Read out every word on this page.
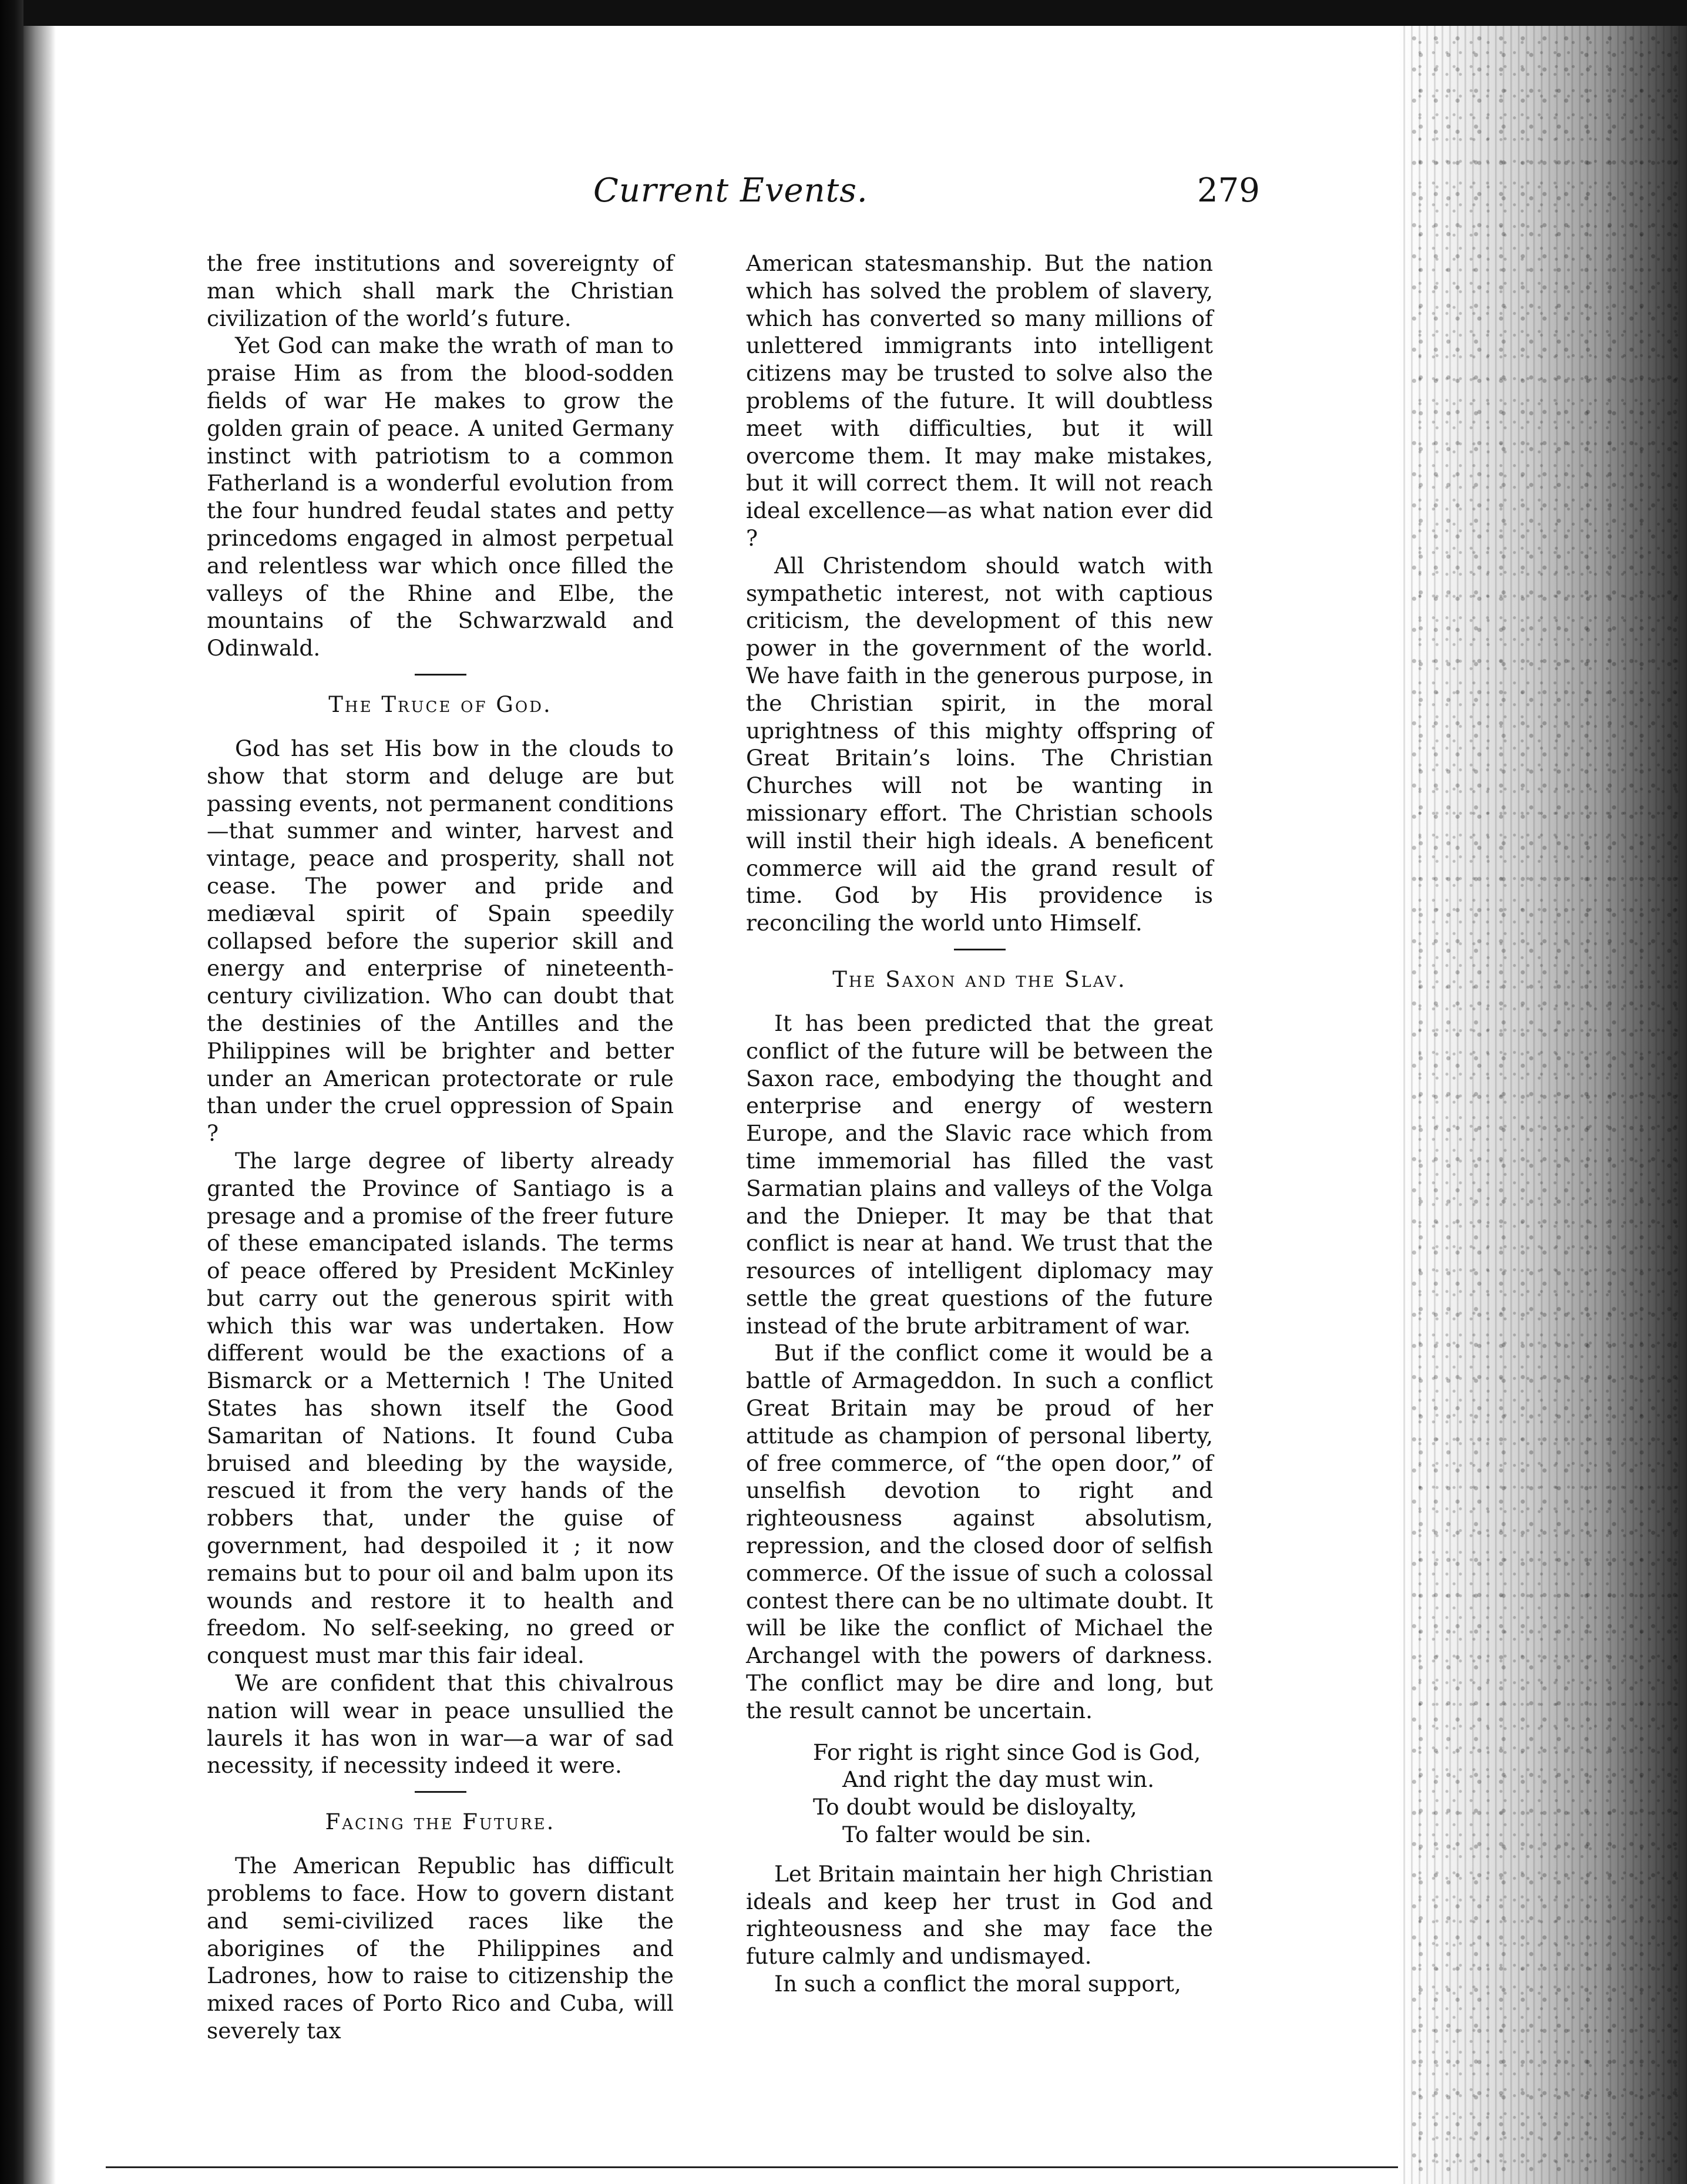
Current Events.	279

the free institutions and sovereignty of man which shall mark the Christian civilization of the world’s future.

Yet God can make the wrath of man to praise Him as from the blood-sodden fields of war He makes to grow the golden grain of peace. A united Germany instinct with patriotism to a common Fatherland is a wonderful evolution from the four hundred feudal states and petty princedoms engaged in almost perpetual and relentless war which once filled the valleys of the Rhine and Elbe, the mountains of the Schwarzwald and Odinwald.

The Truce of God.

God has set His bow in the clouds to show that storm and deluge are but passing events, not permanent conditions—that summer and winter, harvest and vintage, peace and prosperity, shall not cease. The power and pride and mediæval spirit of Spain speedily collapsed before the superior skill and energy and enterprise of nineteenth-century civilization. Who can doubt that the destinies of the Antilles and the Philippines will be brighter and better under an American protectorate or rule than under the cruel oppression of Spain ?

The large degree of liberty already granted the Province of Santiago is a presage and a promise of the freer future of these emancipated islands. The terms of peace offered by President McKinley but carry out the generous spirit with which this war was undertaken. How different would be the exactions of a Bismarck or a Metternich ! The United States has shown itself the Good Samaritan of Nations. It found Cuba bruised and bleeding by the wayside, rescued it from the very hands of the robbers that, under the guise of government, had despoiled it ; it now remains but to pour oil and balm upon its wounds and restore it to health and freedom. No self-seeking, no greed or conquest must mar this fair ideal.

We are confident that this chivalrous nation will wear in peace unsullied the laurels it has won in war—a war of sad necessity, if necessity indeed it were.

Facing the Future.

The American Republic has difficult problems to face. How to govern distant and semi-civilized races like the aborigines of the Philippines and Ladrones, how to raise to citizenship the mixed races of Porto Rico and Cuba, will severely tax

American statesmanship. But the nation which has solved the problem of slavery, which has converted so many millions of unlettered immigrants into intelligent citizens may be trusted to solve also the problems of the future. It will doubtless meet with difficulties, but it will overcome them. It may make mistakes, but it will correct them. It will not reach ideal excellence—as what nation ever did ?

All Christendom should watch with sympathetic interest, not with captious criticism, the development of this new power in the government of the world. We have faith in the generous purpose, in the Christian spirit, in the moral uprightness of this mighty offspring of Great Britain’s loins. The Christian Churches will not be wanting in missionary effort. The Christian schools will instil their high ideals. A beneficent commerce will aid the grand result of time. God by His providence is reconciling the world unto Himself.

The Saxon and the Slav.

It has been predicted that the great conflict of the future will be between the Saxon race, embodying the thought and enterprise and energy of western Europe, and the Slavic race which from time immemorial has filled the vast Sarmatian plains and valleys of the Volga and the Dnieper. It may be that that conflict is near at hand. We trust that the resources of intelligent diplomacy may settle the great questions of the future instead of the brute arbitrament of war.

But if the conflict come it would be a battle of Armageddon. In such a conflict Great Britain may be proud of her attitude as champion of personal liberty, of free commerce, of “the open door,” of unselfish devotion to right and righteousness against absolutism, repression, and the closed door of selfish commerce. Of the issue of such a colossal contest there can be no ultimate doubt. It will be like the conflict of Michael the Archangel with the powers of darkness. The conflict may be dire and long, but the result cannot be uncertain.

For right is right since God is God,
And right the day must win.
To doubt would be disloyalty,
To falter would be sin.

Let Britain maintain her high Christian ideals and keep her trust in God and righteousness and she may face the future calmly and undismayed.

In such a conflict the moral support,
